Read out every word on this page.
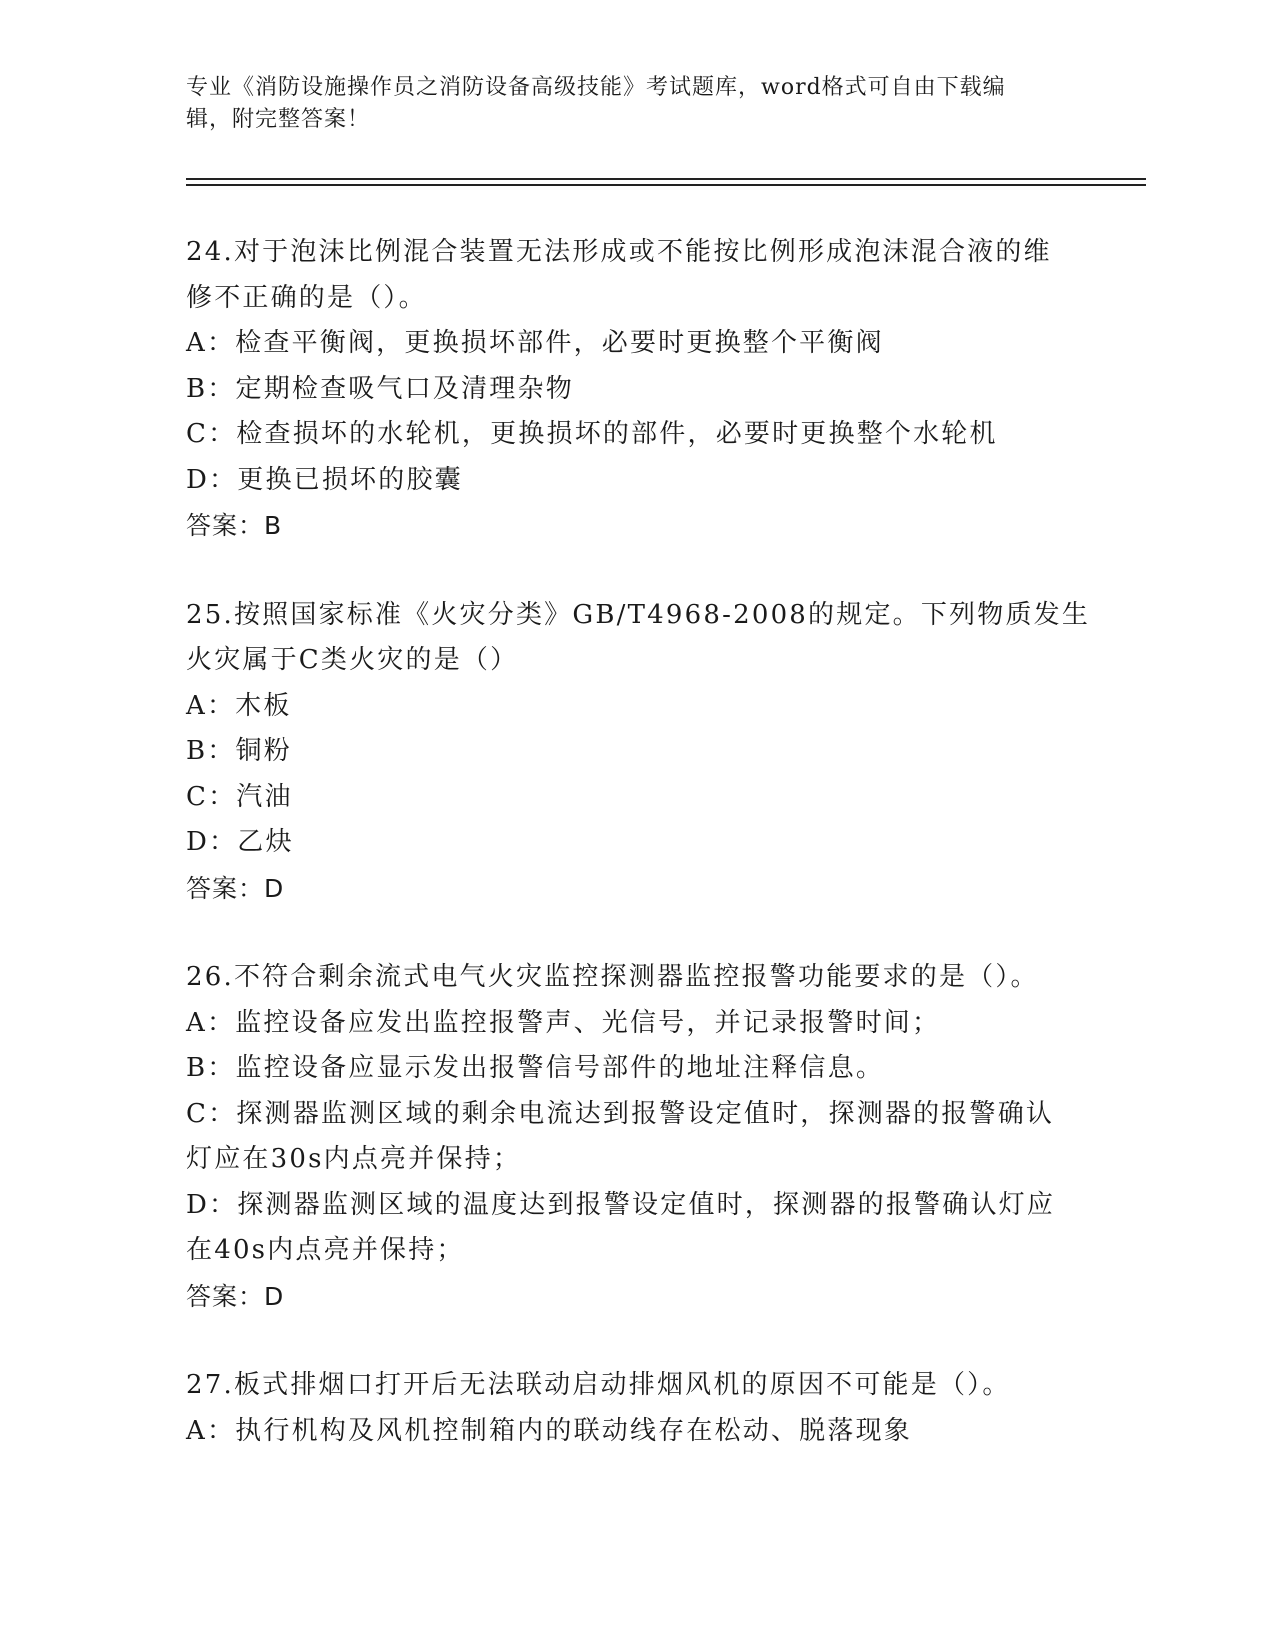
专业《消防设施操作员之消防设备高级技能》考试题库，word格式可自由下载编
辑，附完整答案！
24.对于泡沫比例混合装置无法形成或不能按比例形成泡沫混合液的维
修不正确的是（）。
A：检查平衡阀，更换损坏部件，必要时更换整个平衡阀
B：定期检查吸气口及清理杂物
C：检查损坏的水轮机，更换损坏的部件，必要时更换整个水轮机
D：更换已损坏的胶囊
答案：B
25.按照国家标准《火灾分类》GB/T4968-2008的规定。下列物质发生
火灾属于C类火灾的是（）
A：木板
B：铜粉
C：汽油
D：乙炔
答案：D
26.不符合剩余流式电气火灾监控探测器监控报警功能要求的是（）。
A：监控设备应发出监控报警声、光信号，并记录报警时间；
B：监控设备应显示发出报警信号部件的地址注释信息。
C：探测器监测区域的剩余电流达到报警设定值时，探测器的报警确认
灯应在30s内点亮并保持；
D：探测器监测区域的温度达到报警设定值时，探测器的报警确认灯应
在40s内点亮并保持；
答案：D
27.板式排烟口打开后无法联动启动排烟风机的原因不可能是（）。
A：执行机构及风机控制箱内的联动线存在松动、脱落现象
